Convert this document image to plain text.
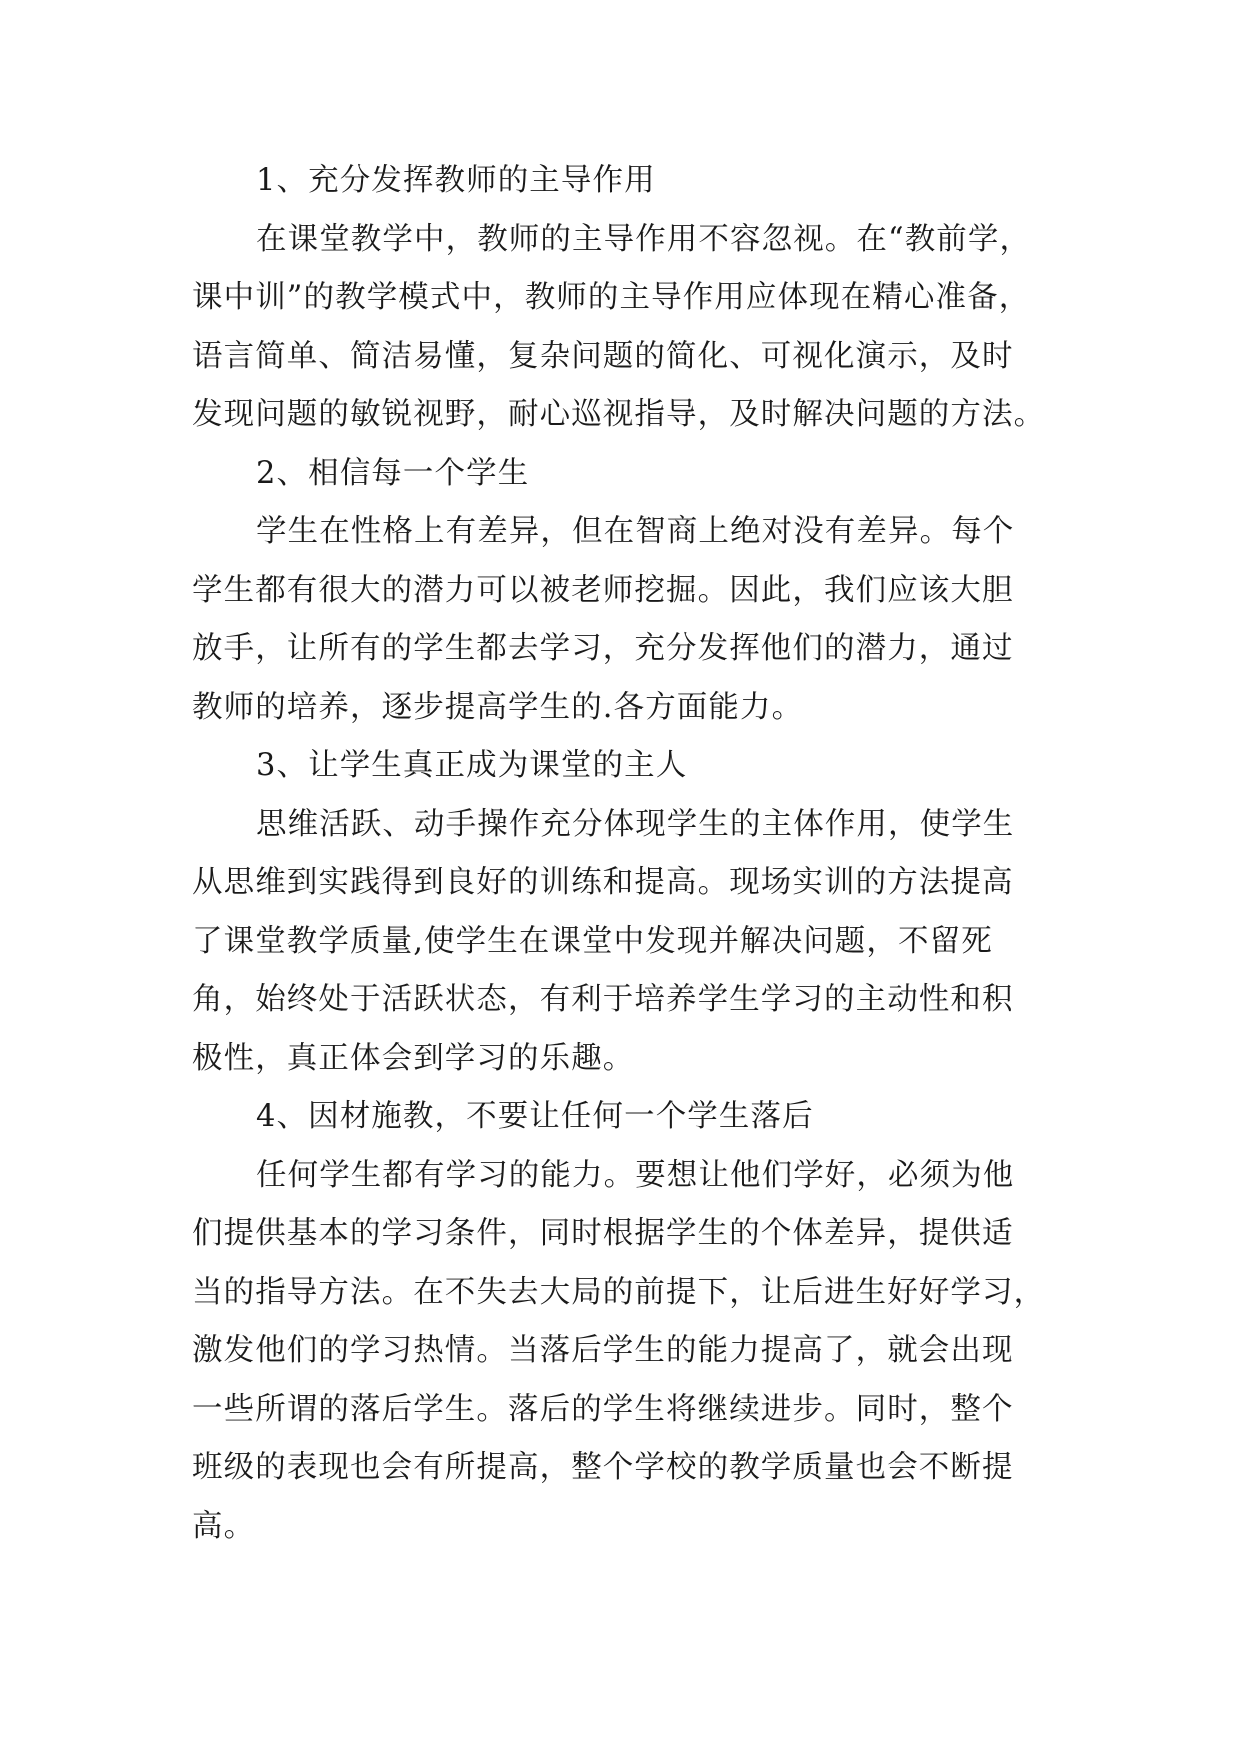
1、充分发挥教师的主导作用
在课堂教学中，教师的主导作用不容忽视。在“教前学，
课中训”的教学模式中，教师的主导作用应体现在精心准备，
语言简单、简洁易懂，复杂问题的简化、可视化演示，及时
发现问题的敏锐视野，耐心巡视指导，及时解决问题的方法。
2、相信每一个学生
学生在性格上有差异，但在智商上绝对没有差异。每个
学生都有很大的潜力可以被老师挖掘。因此，我们应该大胆
放手，让所有的学生都去学习，充分发挥他们的潜力，通过
教师的培养，逐步提高学生的.各方面能力。
3、让学生真正成为课堂的主人
思维活跃、动手操作充分体现学生的主体作用，使学生
从思维到实践得到良好的训练和提高。现场实训的方法提高
了课堂教学质量,使学生在课堂中发现并解决问题，不留死
角，始终处于活跃状态，有利于培养学生学习的主动性和积
极性，真正体会到学习的乐趣。
4、因材施教，不要让任何一个学生落后
任何学生都有学习的能力。要想让他们学好，必须为他
们提供基本的学习条件，同时根据学生的个体差异，提供适
当的指导方法。在不失去大局的前提下，让后进生好好学习，
激发他们的学习热情。当落后学生的能力提高了，就会出现
一些所谓的落后学生。落后的学生将继续进步。同时，整个
班级的表现也会有所提高，整个学校的教学质量也会不断提
高。
